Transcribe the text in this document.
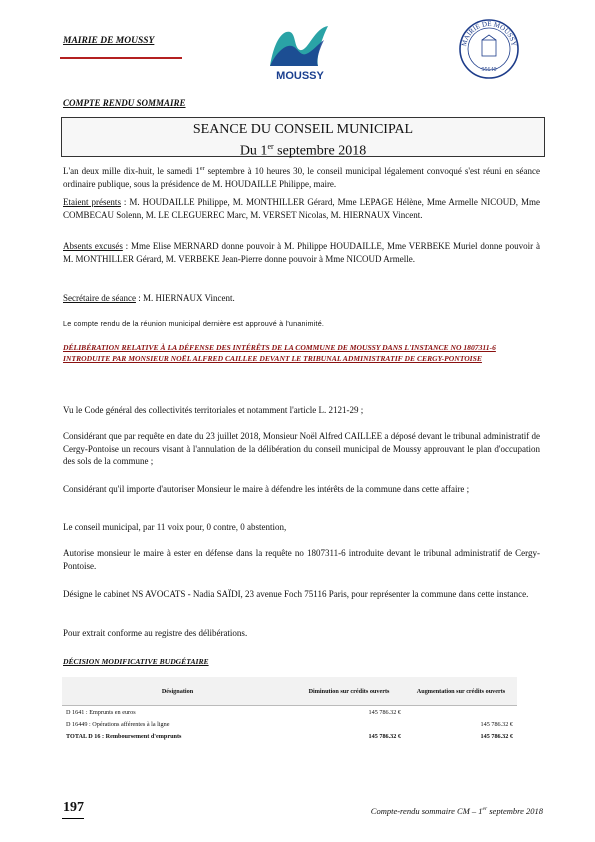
MAIRIE DE MOUSSY
MOUSSY
MAIRIE DE MOUSSY
95640
COMPTE RENDU SOMMAIRE
SEANCE DU CONSEIL MUNICIPAL
Du 1er septembre 2018
L'an deux mille dix-huit, le samedi 1er septembre à 10 heures 30, le conseil municipal légalement convoqué s'est réuni en séance ordinaire publique, sous la présidence de M. HOUDAILLE Philippe, maire.
Etaient présents : M. HOUDAILLE Philippe, M. MONTHILLER Gérard, Mme LEPAGE Hélène, Mme Armelle NICOUD, Mme COMBECAU Solenn, M. LE CLEGUEREC Marc, M. VERSET Nicolas, M. HIERNAUX Vincent.
Absents excusés : Mme Elise MERNARD donne pouvoir à M. Philippe HOUDAILLE, Mme VERBEKE Muriel donne pouvoir à M. MONTHILLER Gérard, M. VERBEKE Jean-Pierre donne pouvoir à Mme NICOUD Armelle.
Secrétaire de séance : M. HIERNAUX Vincent.
Le compte rendu de la réunion municipal dernière est approuvé à l'unanimité.
DÉLIBÉRATION RELATIVE À LA DÉFENSE DES INTÉRÊTS DE LA COMMUNE DE MOUSSY DANS L'INSTANCE NO 1807311-6 INTRODUITE PAR MONSIEUR NOËL ALFRED CAILLEE DEVANT LE TRIBUNAL ADMINISTRATIF DE CERGY-PONTOISE
Vu le Code général des collectivités territoriales et notamment l'article L. 2121-29 ;
Considérant que par requête en date du 23 juillet 2018, Monsieur Noël Alfred CAILLEE a déposé devant le tribunal administratif de Cergy-Pontoise un recours visant à l'annulation de la délibération du conseil municipal de Moussy approuvant le plan d'occupation des sols de la commune ;
Considérant qu'il importe d'autoriser Monsieur le maire à défendre les intérêts de la commune dans cette affaire ;
Le conseil municipal, par 11 voix pour, 0 contre, 0 abstention,
Autorise monsieur le maire à ester en défense dans la requête no 1807311-6 introduite devant le tribunal administratif de Cergy-Pontoise.
Désigne le cabinet NS AVOCATS - Nadia SAÏDI, 23 avenue Foch 75116 Paris, pour représenter la commune dans cette instance.
Pour extrait conforme au registre des délibérations.
DÉCISION MODIFICATIVE BUDGÉTAIRE
Désignation	Diminution sur crédits ouverts	Augmentation sur crédits ouverts
D 1641 : Emprunts en euros	145 786.32 €	
D 16449 : Opérations afférentes à la ligne		145 786.32 €
TOTAL D 16 : Remboursement d'emprunts	145 786.32 €	145 786.32 €
197	Compte-rendu sommaire CM – 1er septembre 2018
